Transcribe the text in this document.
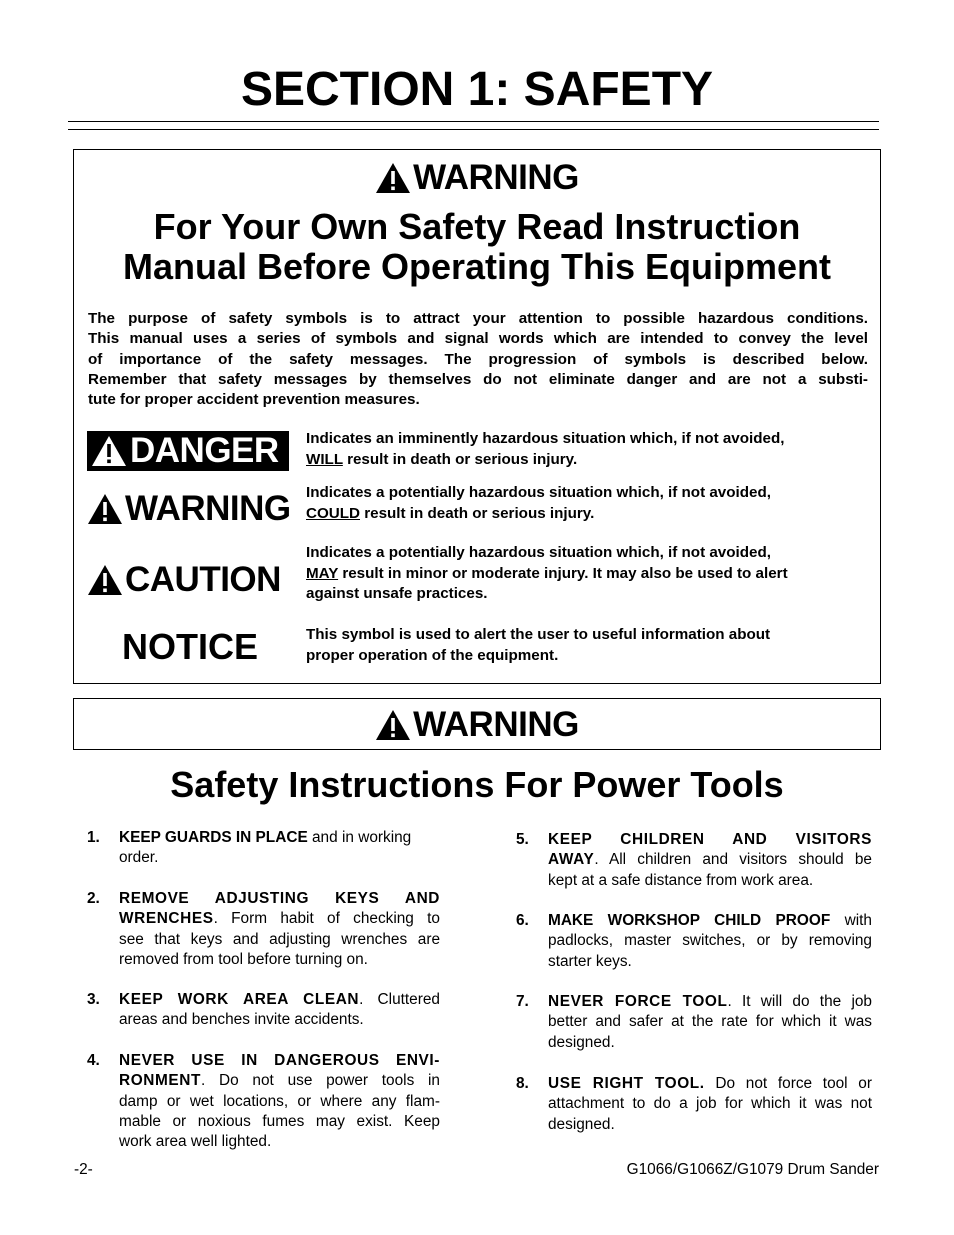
SECTION 1: SAFETY
WARNING
For Your Own Safety Read Instruction
Manual Before Operating This Equipment
The purpose of safety symbols is to attract your attention to possible hazardous conditions.
This manual uses a series of symbols and signal words which are intended to convey the level
of importance of the safety messages. The progression of symbols is described below.
Remember that safety messages by themselves do not eliminate danger and are not a substi-
tute for proper accident prevention measures.
DANGER Indicates an imminently hazardous situation which, if not avoided,
WILL result in death or serious injury.
WARNING Indicates a potentially hazardous situation which, if not avoided,
COULD result in death or serious injury.
CAUTION
Indicates a potentially hazardous situation which, if not avoided,
MAY result in minor or moderate injury. It may also be used to alert
against unsafe practices.
NOTICE	This symbol is used to alert the user to useful information about
proper operation of the equipment.
WARNING
Safety Instructions For Power Tools
1. KEEP GUARDS IN PLACE and in working
order.
2. REMOVE ADJUSTING KEYS AND
WRENCHES. Form habit of checking to
see that keys and adjusting wrenches are
removed from tool before turning on.
3. KEEP WORK AREA CLEAN. Cluttered
areas and benches invite accidents.
4. NEVER USE IN DANGEROUS ENVI-
RONMENT. Do not use power tools in
damp or wet locations, or where any flam-
mable or noxious fumes may exist. Keep
work area well lighted.
5. KEEP CHILDREN AND VISITORS
AWAY. All children and visitors should be
kept at a safe distance from work area.
6. MAKE WORKSHOP CHILD PROOF with
padlocks, master switches, or by removing
starter keys.
7. NEVER FORCE TOOL. It will do the job
better and safer at the rate for which it was
designed.
8. USE RIGHT TOOL. Do not force tool or
attachment to do a job for which it was not
designed.
-2-	G1066/G1066Z/G1079 Drum Sander
